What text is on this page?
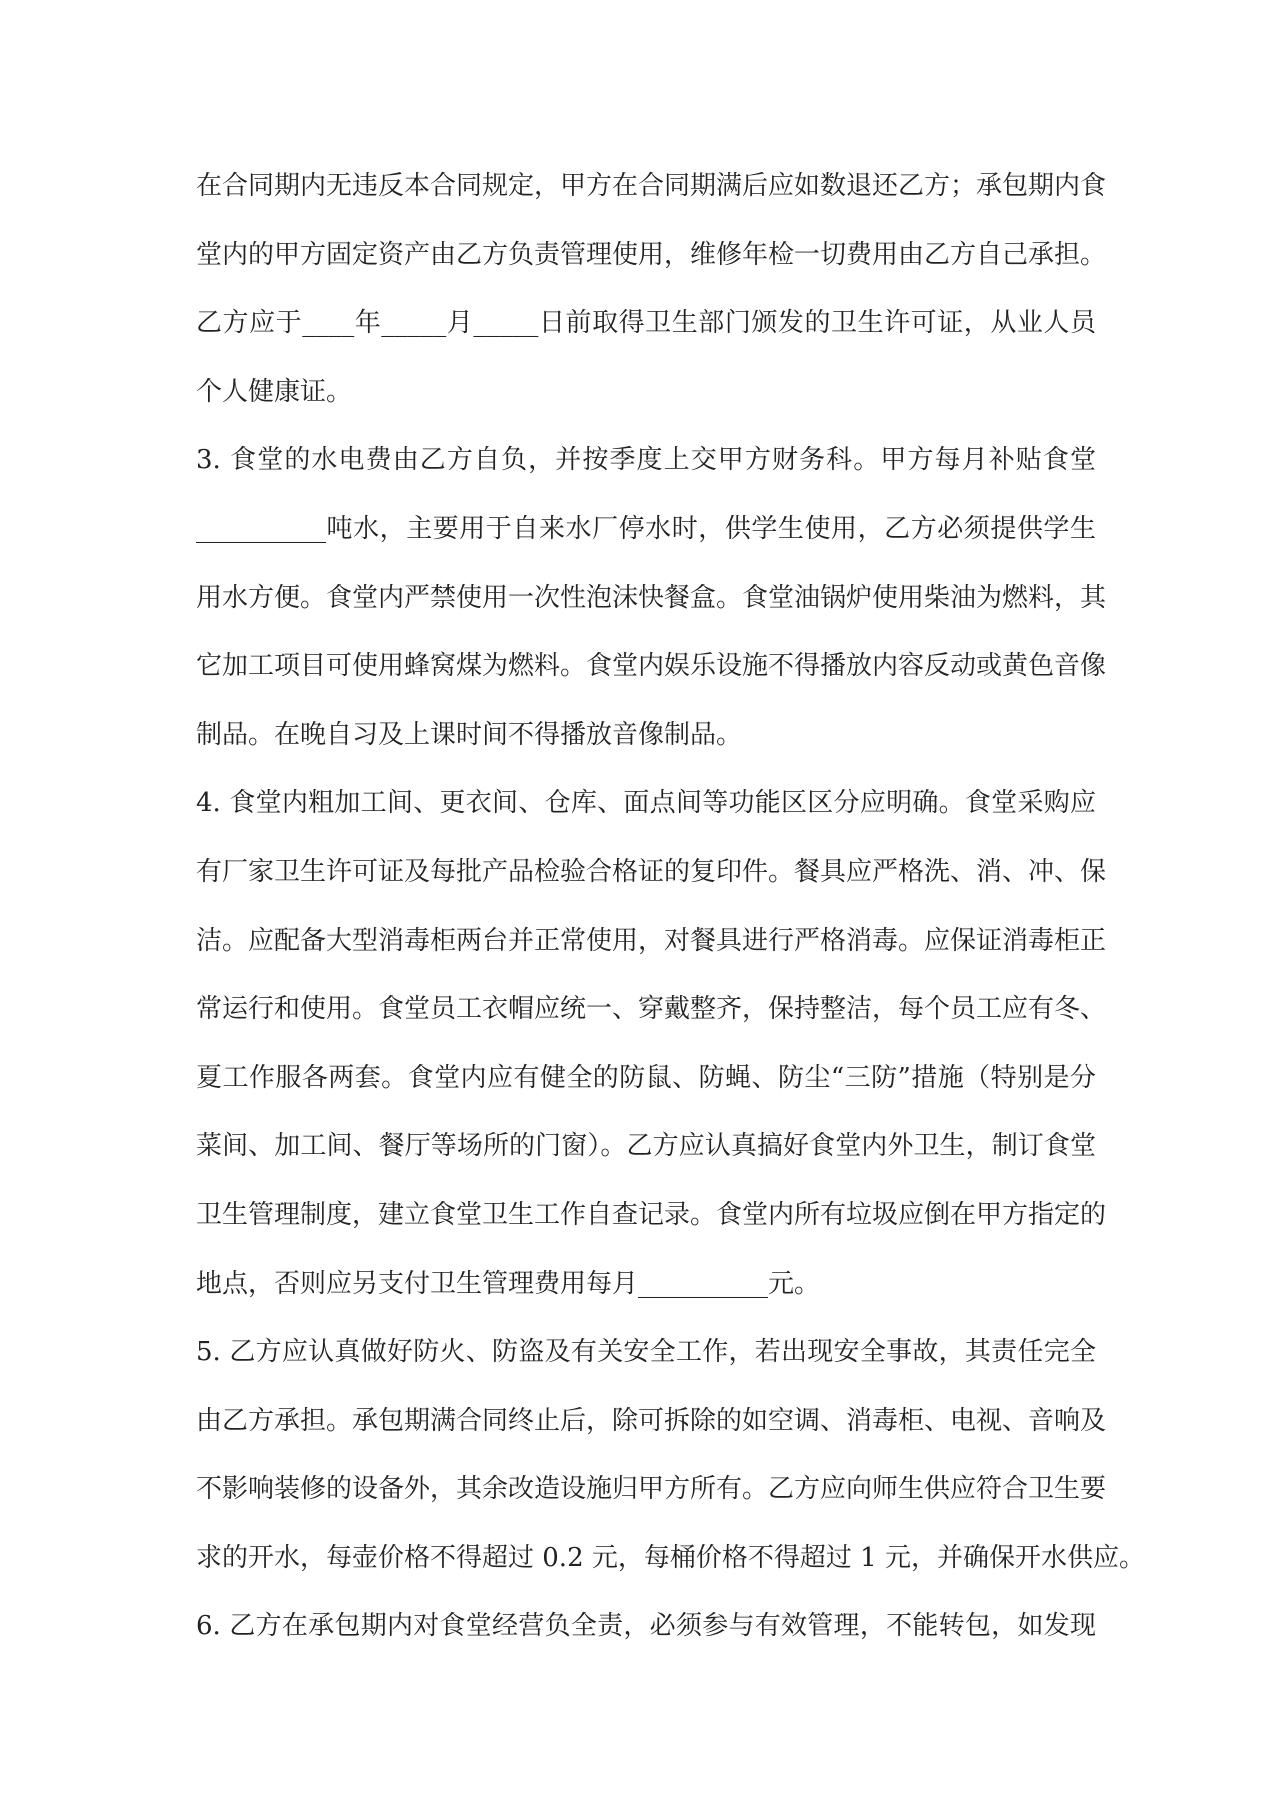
在合同期内无违反本合同规定，甲方在合同期满后应如数退还乙方；承包期内食
堂内的甲方固定资产由乙方负责管理使用，维修年检一切费用由乙方自己承担。
乙方应于____年_____月_____日前取得卫生部门颁发的卫生许可证，从业人员
个人健康证。
3. 食堂的水电费由乙方自负，并按季度上交甲方财务科。甲方每月补贴食堂
__________吨水，主要用于自来水厂停水时，供学生使用，乙方必须提供学生
用水方便。食堂内严禁使用一次性泡沫快餐盒。食堂油锅炉使用柴油为燃料，其
它加工项目可使用蜂窝煤为燃料。食堂内娱乐设施不得播放内容反动或黄色音像
制品。在晚自习及上课时间不得播放音像制品。
4. 食堂内粗加工间、更衣间、仓库、面点间等功能区区分应明确。食堂采购应
有厂家卫生许可证及每批产品检验合格证的复印件。餐具应严格洗、消、冲、保
洁。应配备大型消毒柜两台并正常使用，对餐具进行严格消毒。应保证消毒柜正
常运行和使用。食堂员工衣帽应统一、穿戴整齐，保持整洁，每个员工应有冬、
夏工作服各两套。食堂内应有健全的防鼠、防蝇、防尘“三防”措施（特别是分
菜间、加工间、餐厅等场所的门窗）。乙方应认真搞好食堂内外卫生，制订食堂
卫生管理制度，建立食堂卫生工作自查记录。食堂内所有垃圾应倒在甲方指定的
地点，否则应另支付卫生管理费用每月__________元。
5. 乙方应认真做好防火、防盗及有关安全工作，若出现安全事故，其责任完全
由乙方承担。承包期满合同终止后，除可拆除的如空调、消毒柜、电视、音响及
不影响装修的设备外，其余改造设施归甲方所有。乙方应向师生供应符合卫生要
求的开水，每壶价格不得超过 0.2 元，每桶价格不得超过 1 元，并确保开水供应。
6. 乙方在承包期内对食堂经营负全责，必须参与有效管理，不能转包，如发现
